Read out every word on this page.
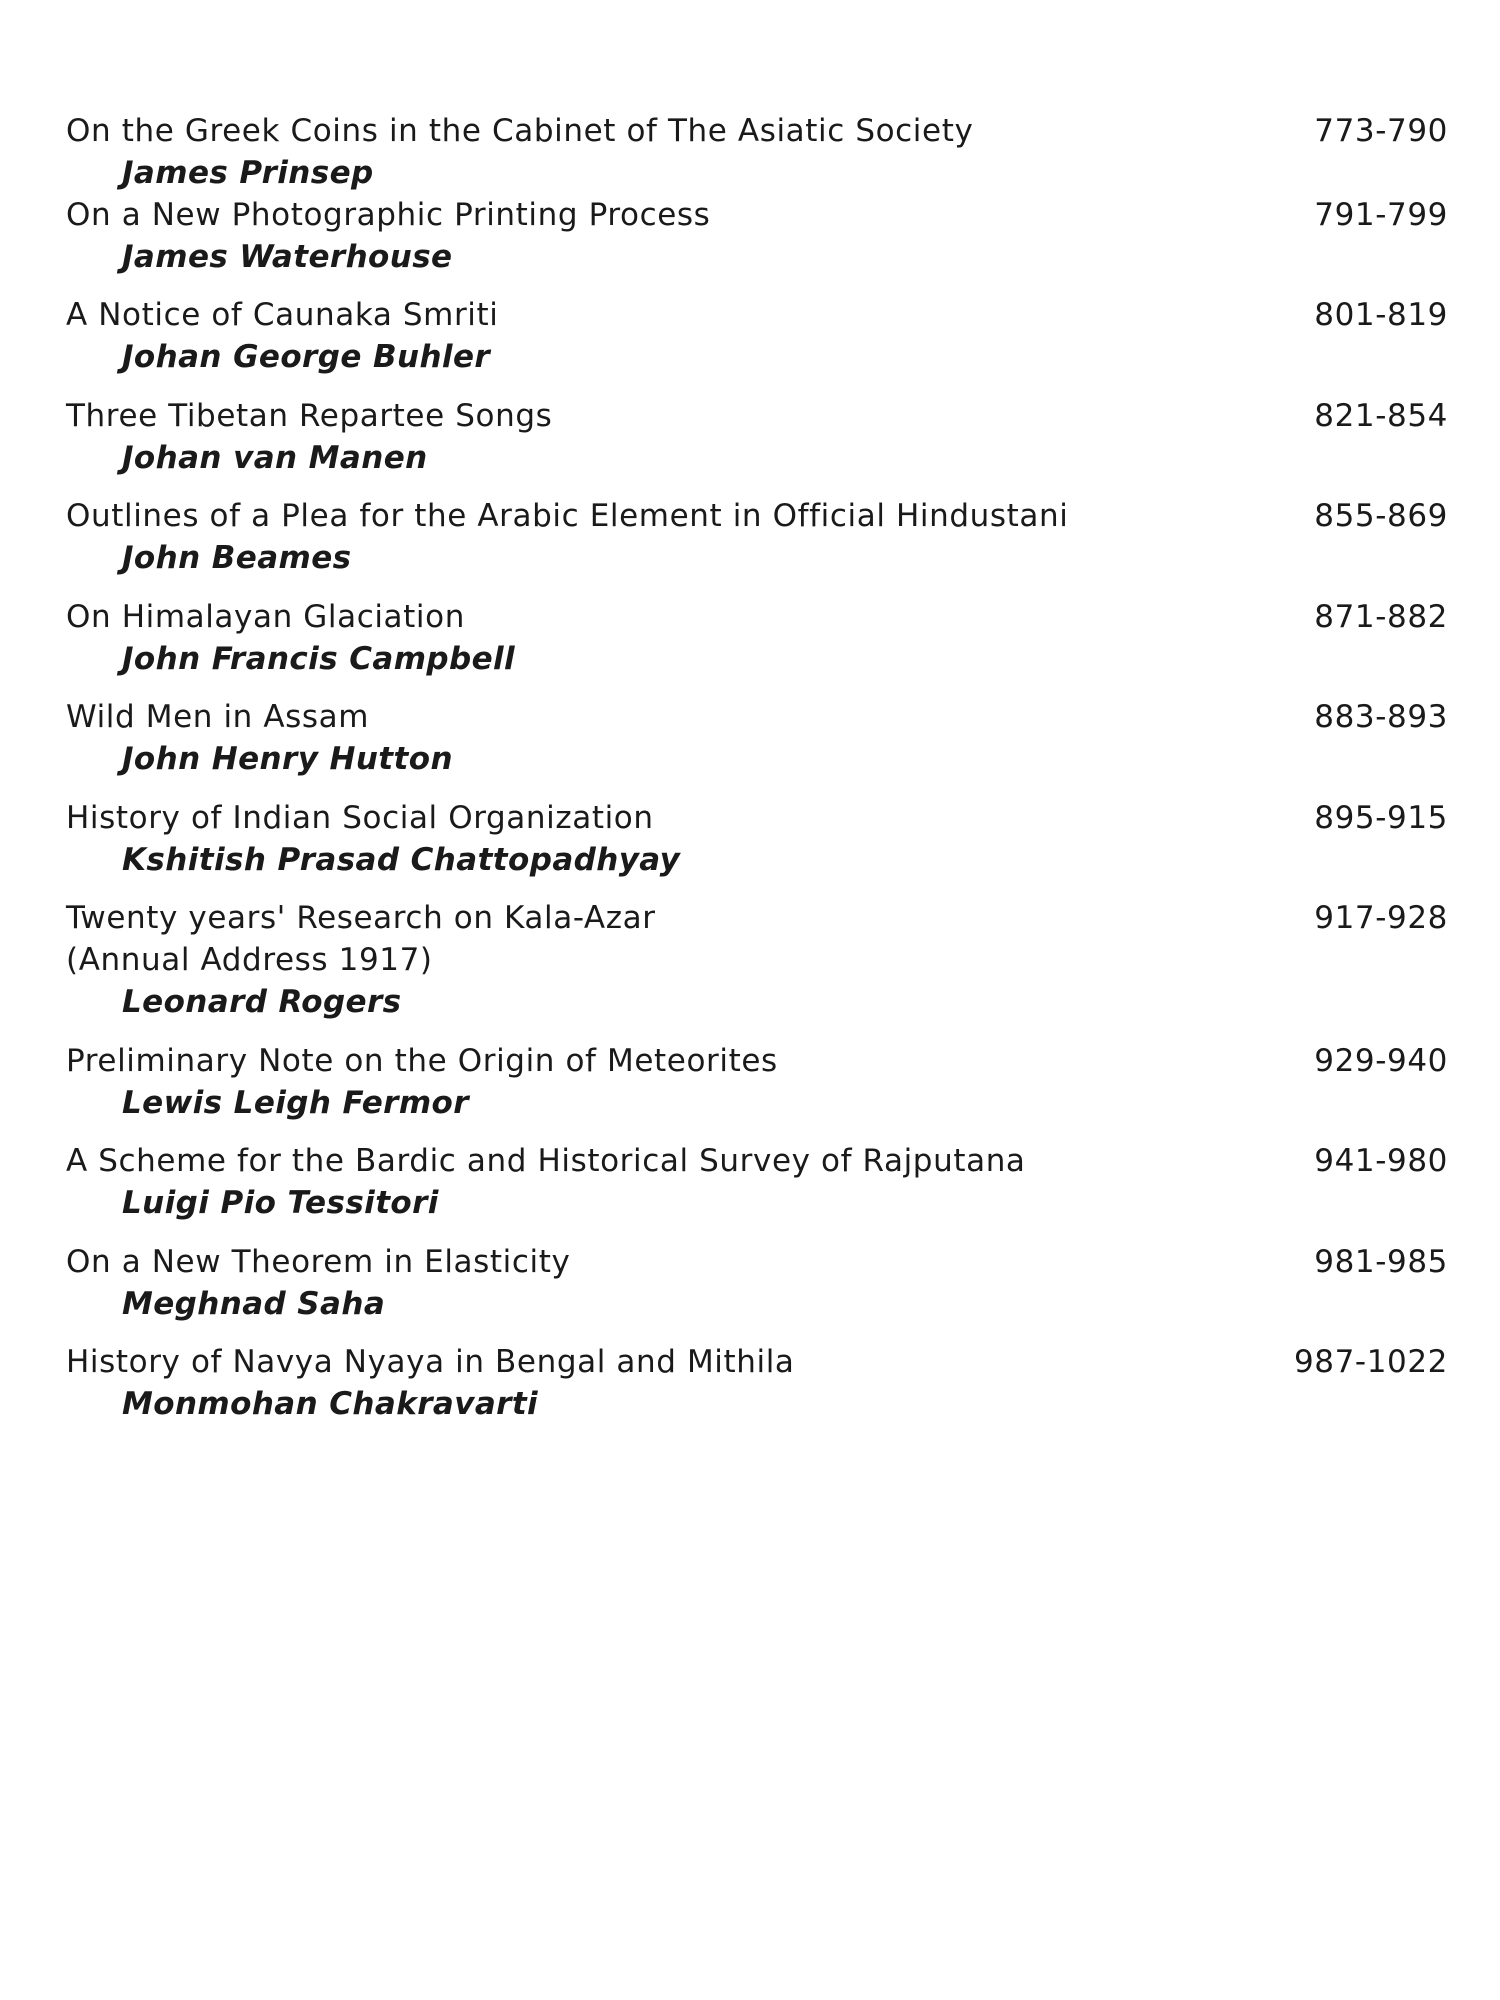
On the Greek Coins in the Cabinet of The Asiatic Society
James Prinsep
773-790
On a New Photographic Printing Process
James Waterhouse
791-799
A Notice of Caunaka Smriti
Johan George Buhler
801-819
Three Tibetan Repartee Songs
Johan van Manen
821-854
Outlines of a Plea for the Arabic Element in Official Hindustani
John Beames
855-869
On Himalayan Glaciation
John Francis Campbell
871-882
Wild Men in Assam
John Henry Hutton
883-893
History of Indian Social Organization
Kshitish Prasad Chattopadhyay
895-915
Twenty years' Research on Kala-Azar
(Annual Address 1917)
Leonard Rogers
917-928
Preliminary Note on the Origin of Meteorites
Lewis Leigh Fermor
929-940
A Scheme for the Bardic and Historical Survey of Rajputana
Luigi Pio Tessitori
941-980
On a New Theorem in Elasticity
Meghnad Saha
981-985
History of Navya Nyaya in Bengal and Mithila
Monmohan Chakravarti
987-1022
